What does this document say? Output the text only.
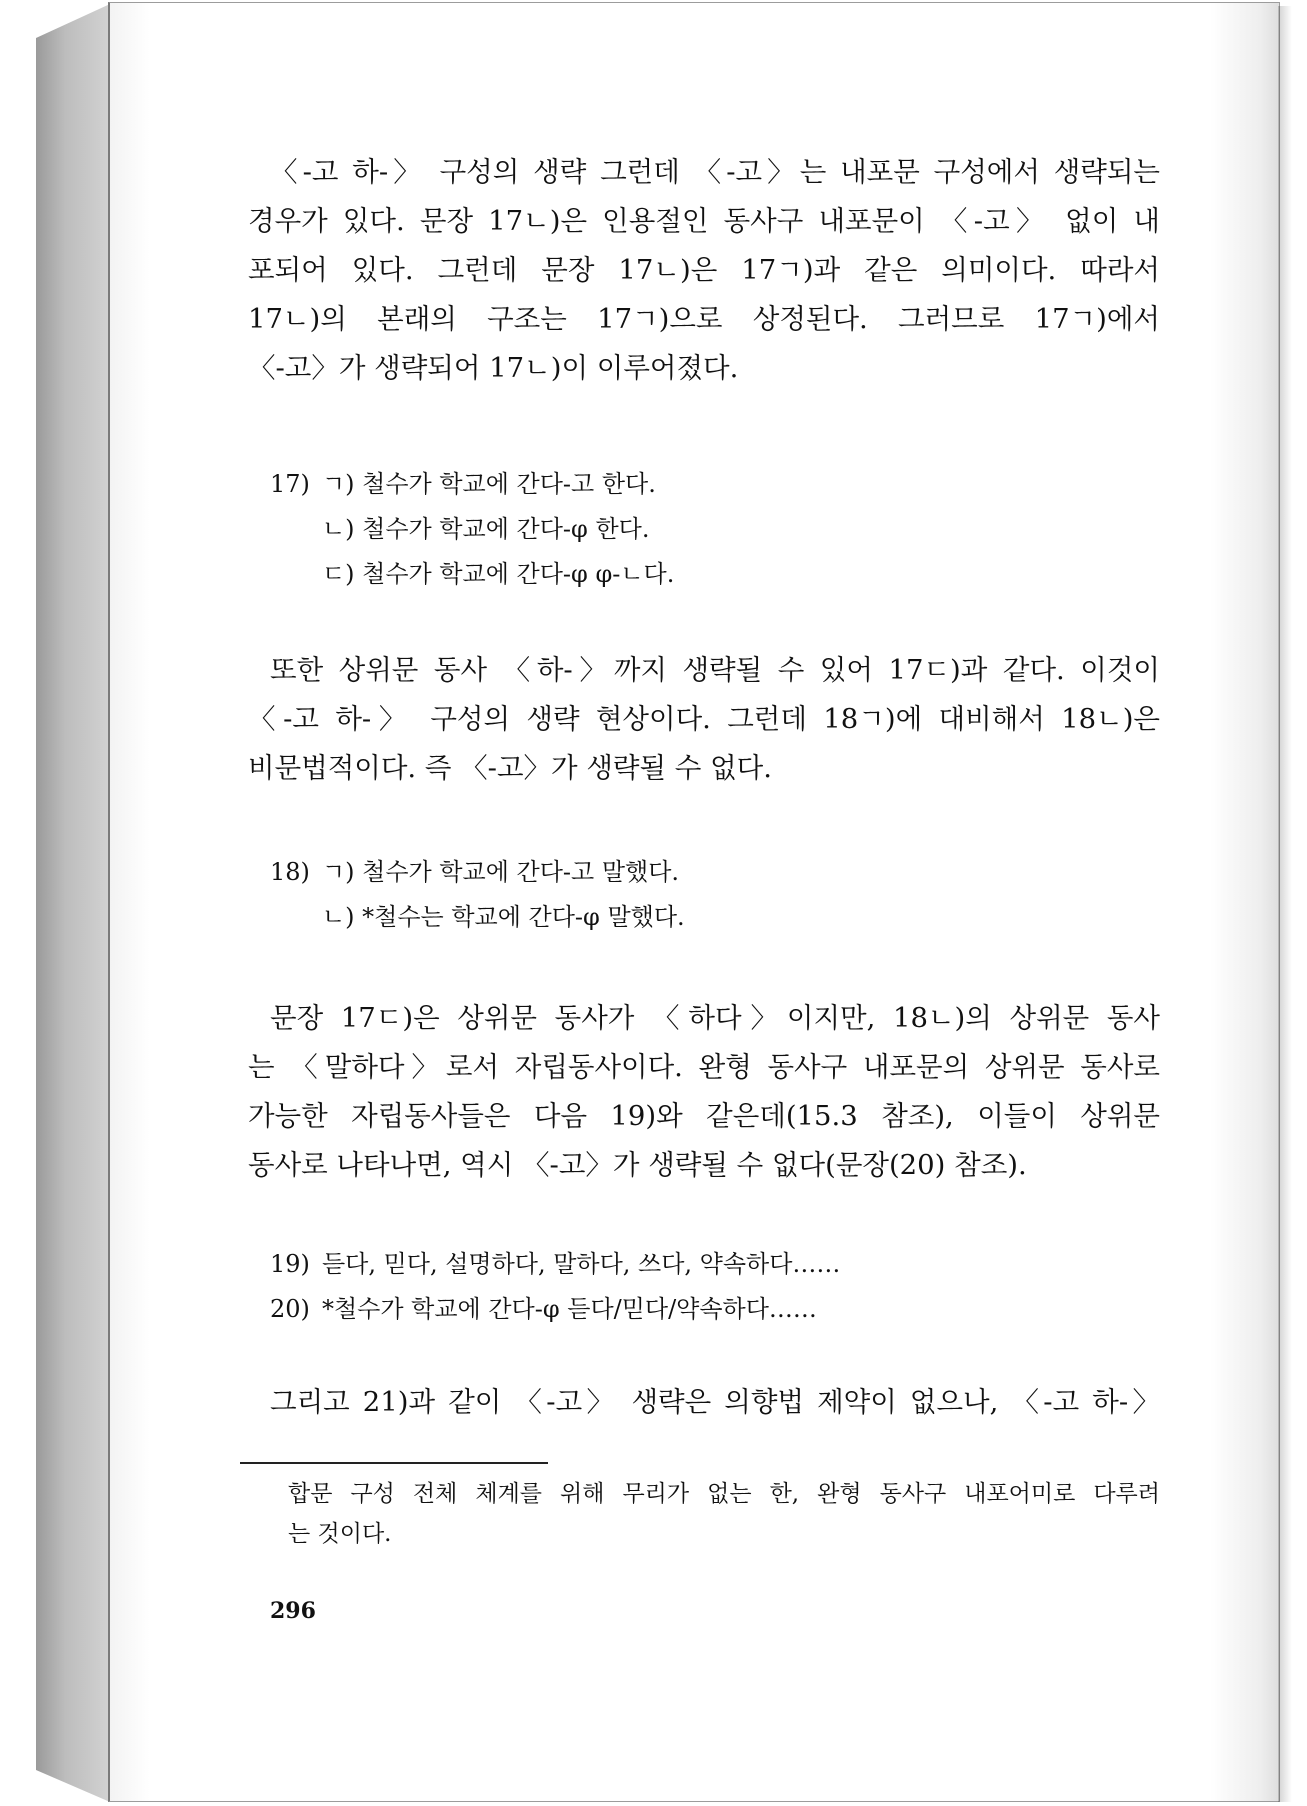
〈-고 하-〉 구성의 생략 그런데 〈-고〉는 내포문 구성에서 생략되는
경우가 있다. 문장 17ㄴ)은 인용절인 동사구 내포문이 〈-고〉 없이 내
포되어 있다. 그런데 문장 17ㄴ)은 17ㄱ)과 같은 의미이다. 따라서
17ㄴ)의 본래의 구조는 17ㄱ)으로 상정된다. 그러므로 17ㄱ)에서
〈-고〉가 생략되어 17ㄴ)이 이루어졌다.

17) ㄱ) 철수가 학교에 간다-고 한다.
ㄴ) 철수가 학교에 간다-φ 한다.
ㄷ) 철수가 학교에 간다-φ φ-ㄴ다.

또한 상위문 동사 〈하-〉까지 생략될 수 있어 17ㄷ)과 같다. 이것이
〈-고 하-〉 구성의 생략 현상이다. 그런데 18ㄱ)에 대비해서 18ㄴ)은
비문법적이다. 즉 〈-고〉가 생략될 수 없다.

18) ㄱ) 철수가 학교에 간다-고 말했다.
ㄴ) *철수는 학교에 간다-φ 말했다.

문장 17ㄷ)은 상위문 동사가 〈하다〉이지만, 18ㄴ)의 상위문 동사
는 〈말하다〉로서 자립동사이다. 완형 동사구 내포문의 상위문 동사로
가능한 자립동사들은 다음 19)와 같은데(15.3 참조), 이들이 상위문
동사로 나타나면, 역시 〈-고〉가 생략될 수 없다(문장(20) 참조).

19) 듣다, 믿다, 설명하다, 말하다, 쓰다, 약속하다……
20) *철수가 학교에 간다-φ 듣다/믿다/약속하다……

그리고 21)과 같이 〈-고〉 생략은 의향법 제약이 없으나, 〈-고 하-〉

합문 구성 전체 체계를 위해 무리가 없는 한, 완형 동사구 내포어미로 다루려
는 것이다.
296
